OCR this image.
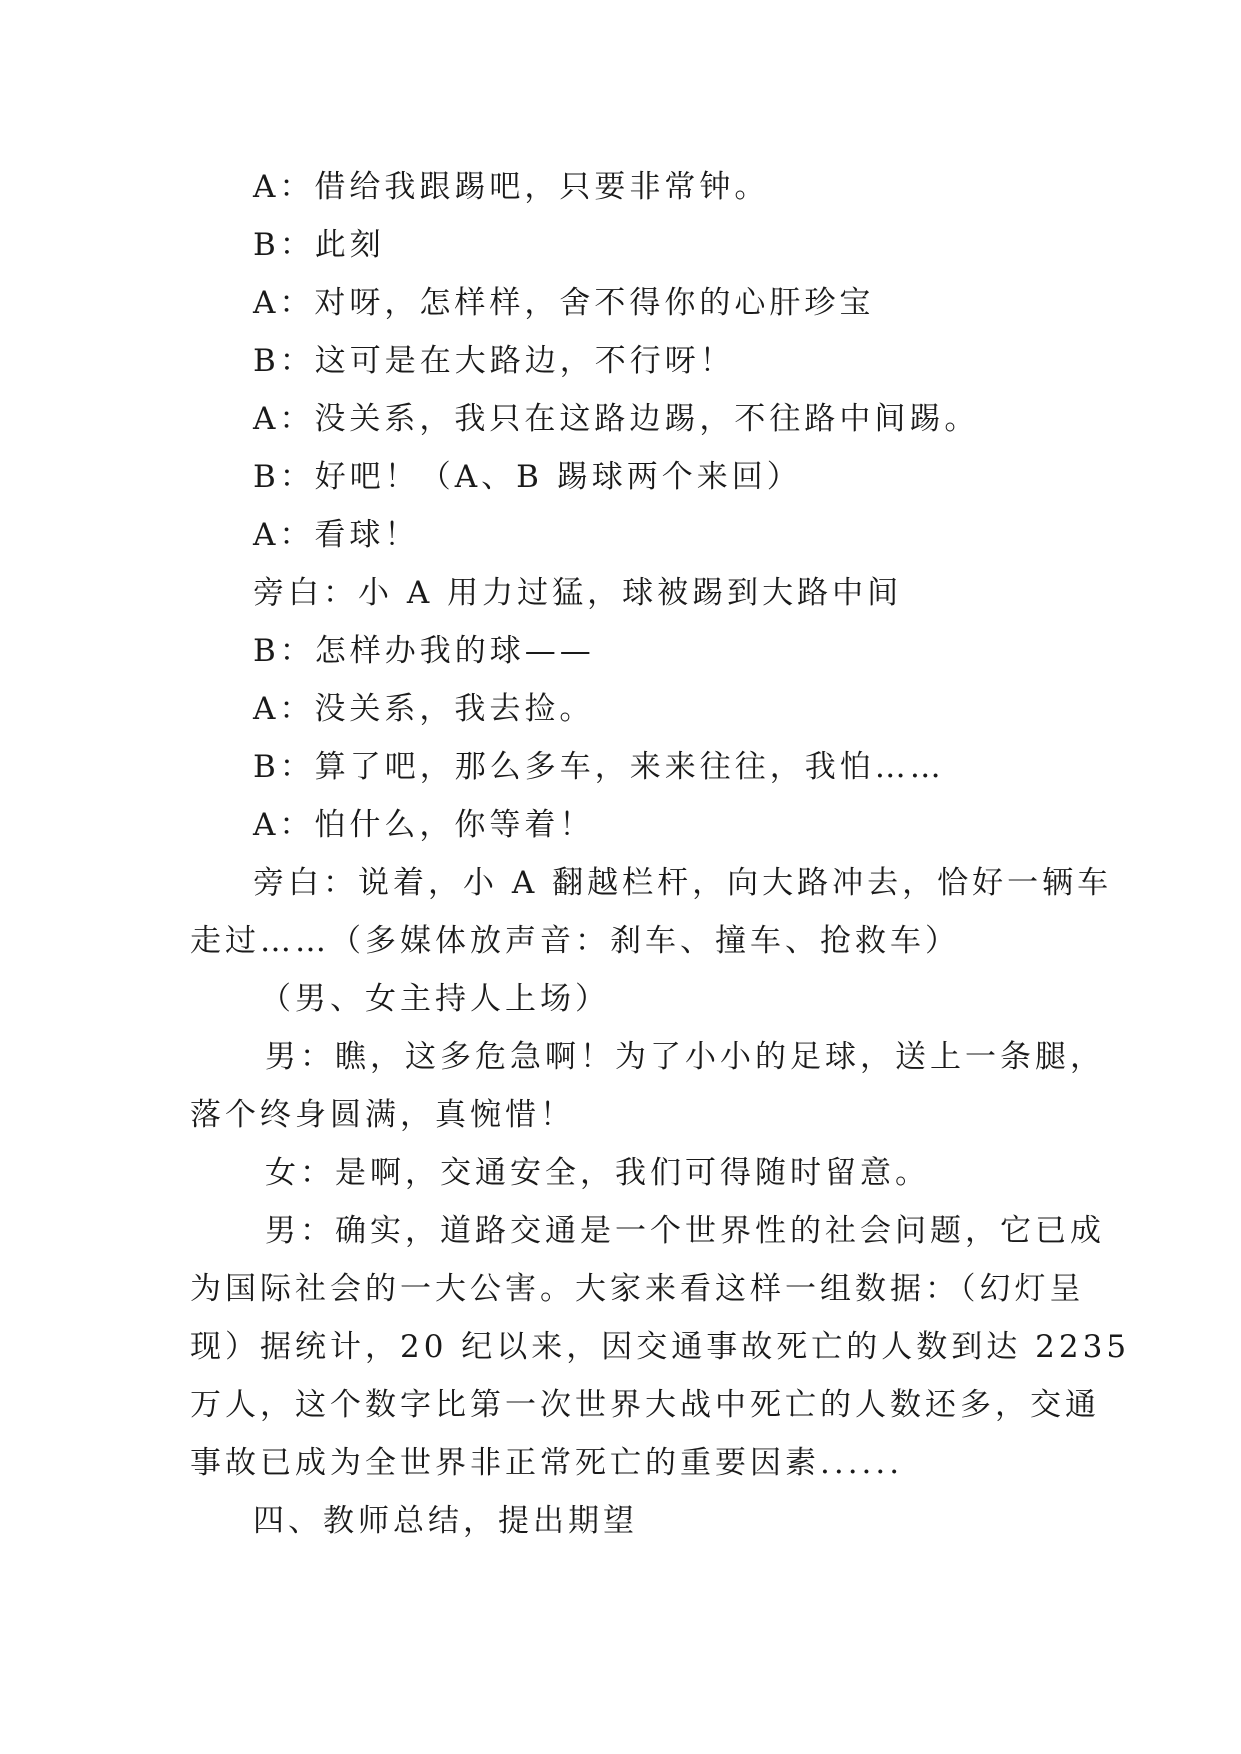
A：借给我跟踢吧，只要非常钟。
B：此刻
A：对呀，怎样样，舍不得你的心肝珍宝
B：这可是在大路边，不行呀！
A：没关系，我只在这路边踢，不往路中间踢。
B：好吧！（A、B 踢球两个来回）
A：看球！
旁白：小 A 用力过猛，球被踢到大路中间
B：怎样办我的球——
A：没关系，我去捡。
B：算了吧，那么多车，来来往往，我怕……
A：怕什么，你等着！
旁白：说着，小 A 翻越栏杆，向大路冲去，恰好一辆车
走过……（多媒体放声音：刹车、撞车、抢救车）
（男、女主持人上场）
男：瞧，这多危急啊！为了小小的足球，送上一条腿，
落个终身圆满，真惋惜！
女：是啊，交通安全，我们可得随时留意。
男：确实，道路交通是一个世界性的社会问题，它已成
为国际社会的一大公害。大家来看这样一组数据：（幻灯呈
现）据统计，20 纪以来，因交通事故死亡的人数到达 2235
万人，这个数字比第一次世界大战中死亡的人数还多，交通
事故已成为全世界非正常死亡的重要因素......
四、教师总结，提出期望
